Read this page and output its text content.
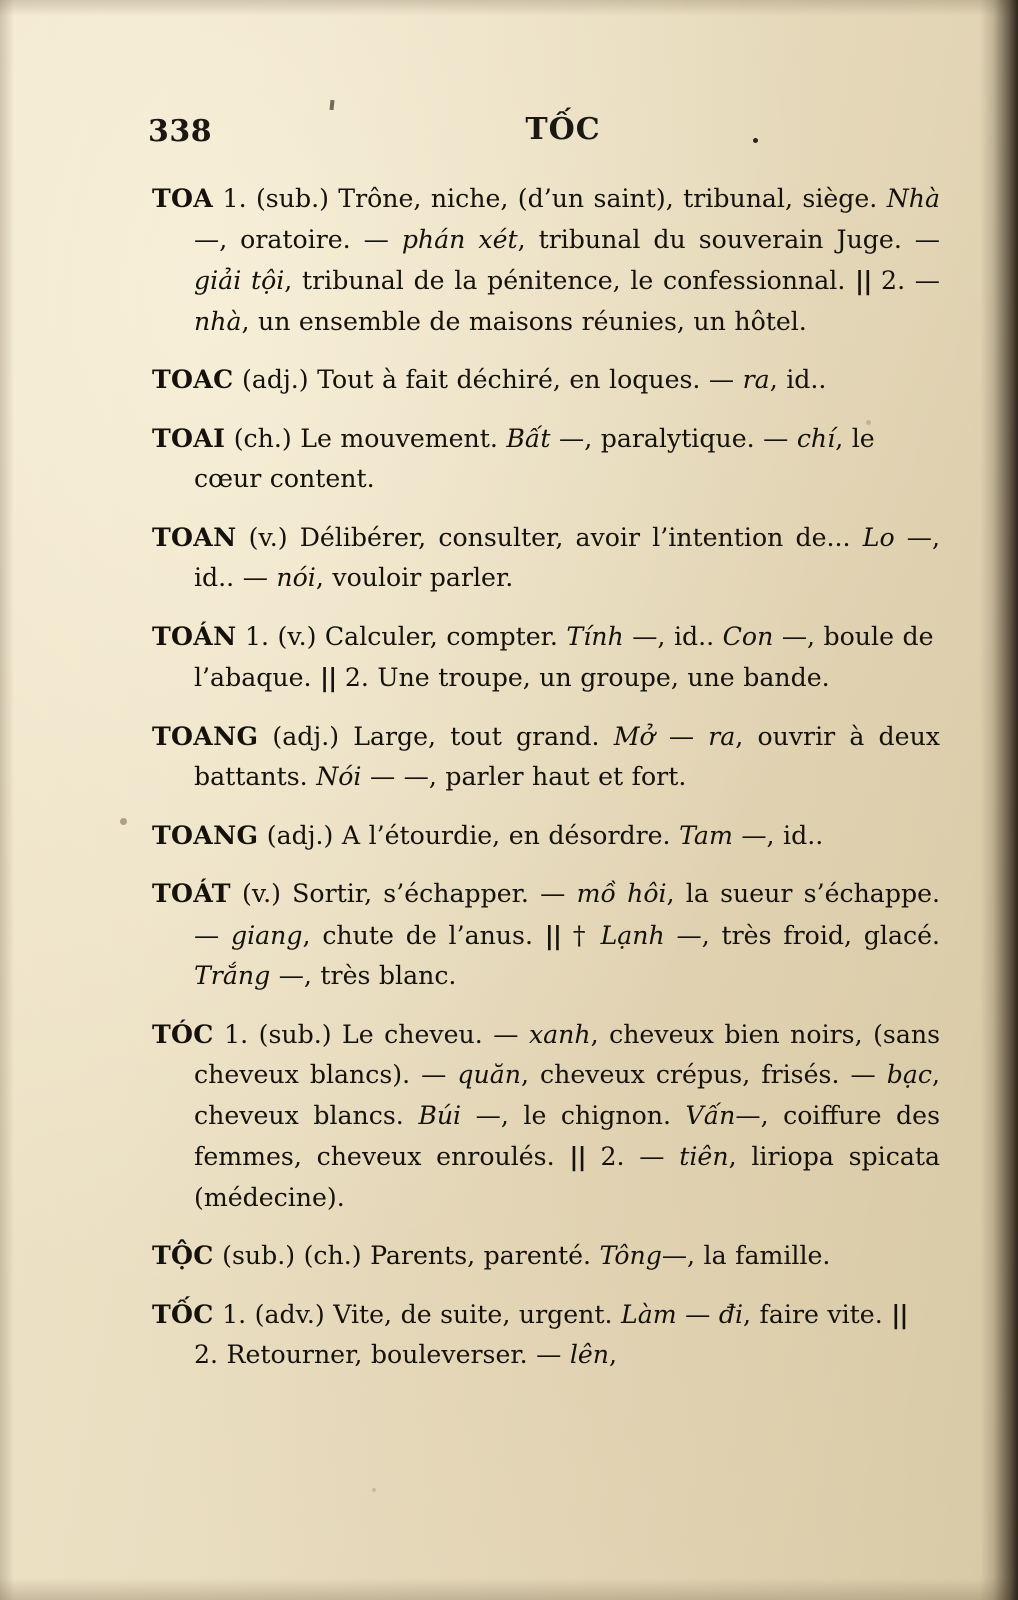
338	TỐC

TOA 1. (sub.) Trône, niche, (d’un saint), tribunal, siège. Nhà —, oratoire. — phán xét, tribunal du souverain Juge. — giải tội, tribunal de la pénitence, le confessionnal. || 2. — nhà, un ensemble de maisons réunies, un hôtel.

TOAC (adj.) Tout à fait déchiré, en loques. — ra, id..

TOAI (ch.) Le mouvement. Bất —, paralytique. — chí, le cœur content.

TOAN (v.) Délibérer, consulter, avoir l’intention de... Lo —, id.. — nói, vouloir parler.

TOÁN 1. (v.) Calculer, compter. Tính —, id.. Con —, boule de l’abaque. || 2. Une troupe, un groupe, une bande.

TOANG (adj.) Large, tout grand. Mở — ra, ouvrir à deux battants. Nói — —, parler haut et fort.

TOANG (adj.) A l’étourdie, en désordre. Tam —, id..

TOÁT (v.) Sortir, s’échapper. — mồ hôi, la sueur s’échappe. — giang, chute de l’anus. || † Lạnh —, très froid, glacé. Trắng —, très blanc.

TÓC 1. (sub.) Le cheveu. — xanh, cheveux bien noirs, (sans cheveux blancs). — quăn, cheveux crépus, frisés. — bạc, cheveux blancs. Búi —, le chignon. Vấn—, coiffure des femmes, cheveux enroulés. || 2. — tiên, liriopa spicata (médecine).

TỘC (sub.) (ch.) Parents, parenté. Tông—, la famille.

TỐC 1. (adv.) Vite, de suite, urgent. Làm — đi, faire vite. || 2. Retourner, bouleverser. — lên,
